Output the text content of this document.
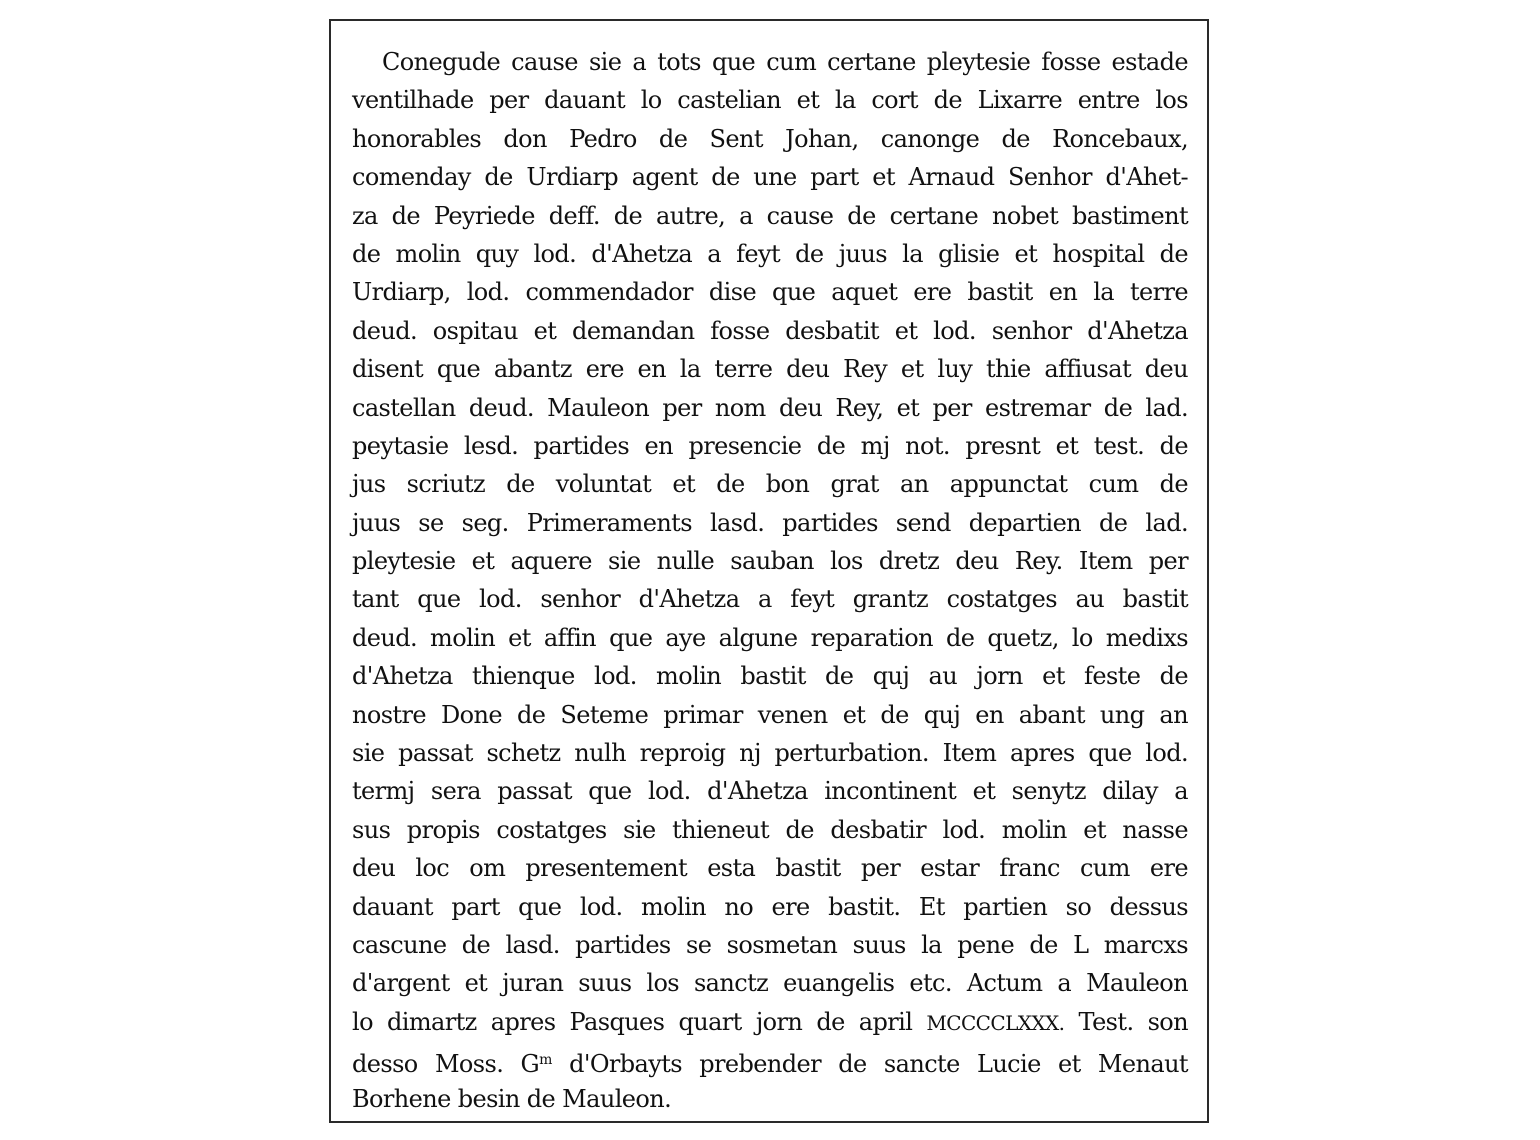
Conegude cause sie a tots que cum certane pleytesie fosse estade
ventilhade per dauant lo castelian et la cort de Lixarre entre los
honorables don Pedro de Sent Johan, canonge de Roncebaux,
comenday de Urdiarp agent de une part et Arnaud Senhor d'Ahet-
za de Peyriede deff. de autre, a cause de certane nobet bastiment
de molin quy lod. d'Ahetza a feyt de juus la glisie et hospital de
Urdiarp, lod. commendador dise que aquet ere bastit en la terre
deud. ospitau et demandan fosse desbatit et lod. senhor d'Ahetza
disent que abantz ere en la terre deu Rey et luy thie affiusat deu
castellan deud. Mauleon per nom deu Rey, et per estremar de lad.
peytasie lesd. partides en presencie de mj not. presnt et test. de
jus scriutz de voluntat et de bon grat an appunctat cum de
juus se seg. Primeraments lasd. partides send departien de lad.
pleytesie et aquere sie nulle sauban los dretz deu Rey. Item per
tant que lod. senhor d'Ahetza a feyt grantz costatges au bastit
deud. molin et affin que aye algune reparation de quetz, lo medixs
d'Ahetza thienque lod. molin bastit de quj au jorn et feste de
nostre Done de Seteme primar venen et de quj en abant ung an
sie passat schetz nulh reproig nj perturbation. Item apres que lod.
termj sera passat que lod. d'Ahetza incontinent et senytz dilay a
sus propis costatges sie thieneut de desbatir lod. molin et nasse
deu loc om presentement esta bastit per estar franc cum ere
dauant part que lod. molin no ere bastit. Et partien so dessus
cascune de lasd. partides se sosmetan suus la pene de L marcxs
d'argent et juran suus los sanctz euangelis etc. Actum a Mauleon
lo dimartz apres Pasques quart jorn de april MCCCCLXXX. Test. son
desso Moss. $G^m$ d'Orbayts prebender de sancte Lucie et Menaut
Borhene besin de Mauleon.
